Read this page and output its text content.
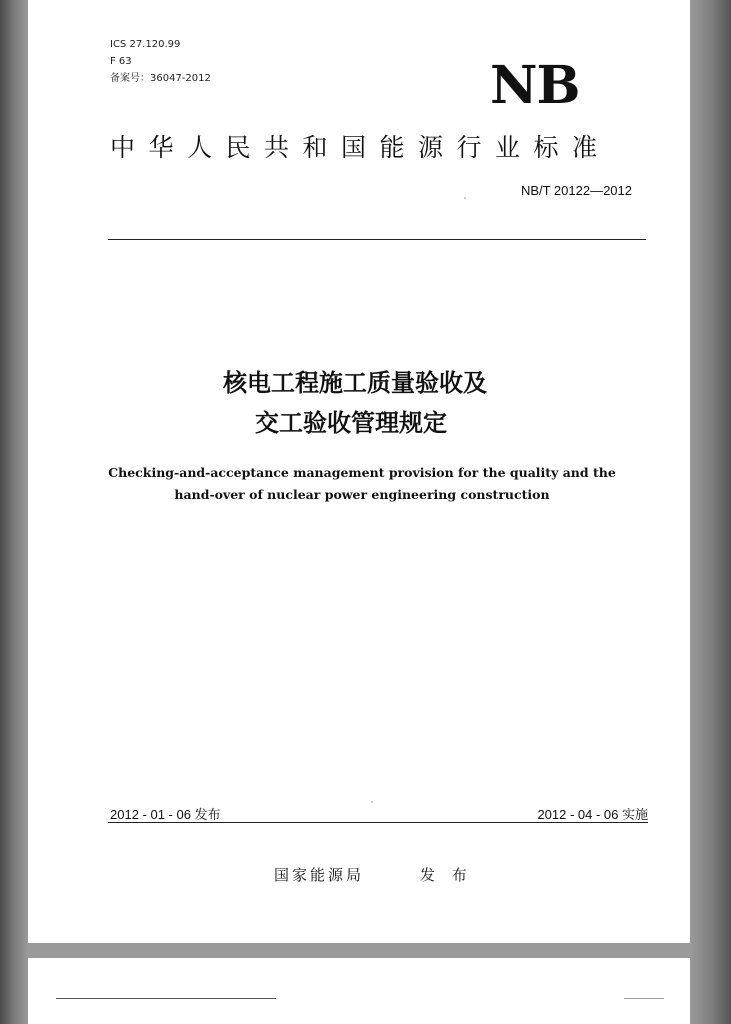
ICS 27.120.99
F 63
备案号：36047-2012	NB
中华人民共和国能源行业标准
NB/T 20122—2012
核电工程施工质量验收及
交工验收管理规定
Checking-and-acceptance management provision for the quality and the
hand-over of nuclear power engineering construction
2012 - 01 - 06 发布	2012 - 04 - 06 实施
国家能源局	发 布
